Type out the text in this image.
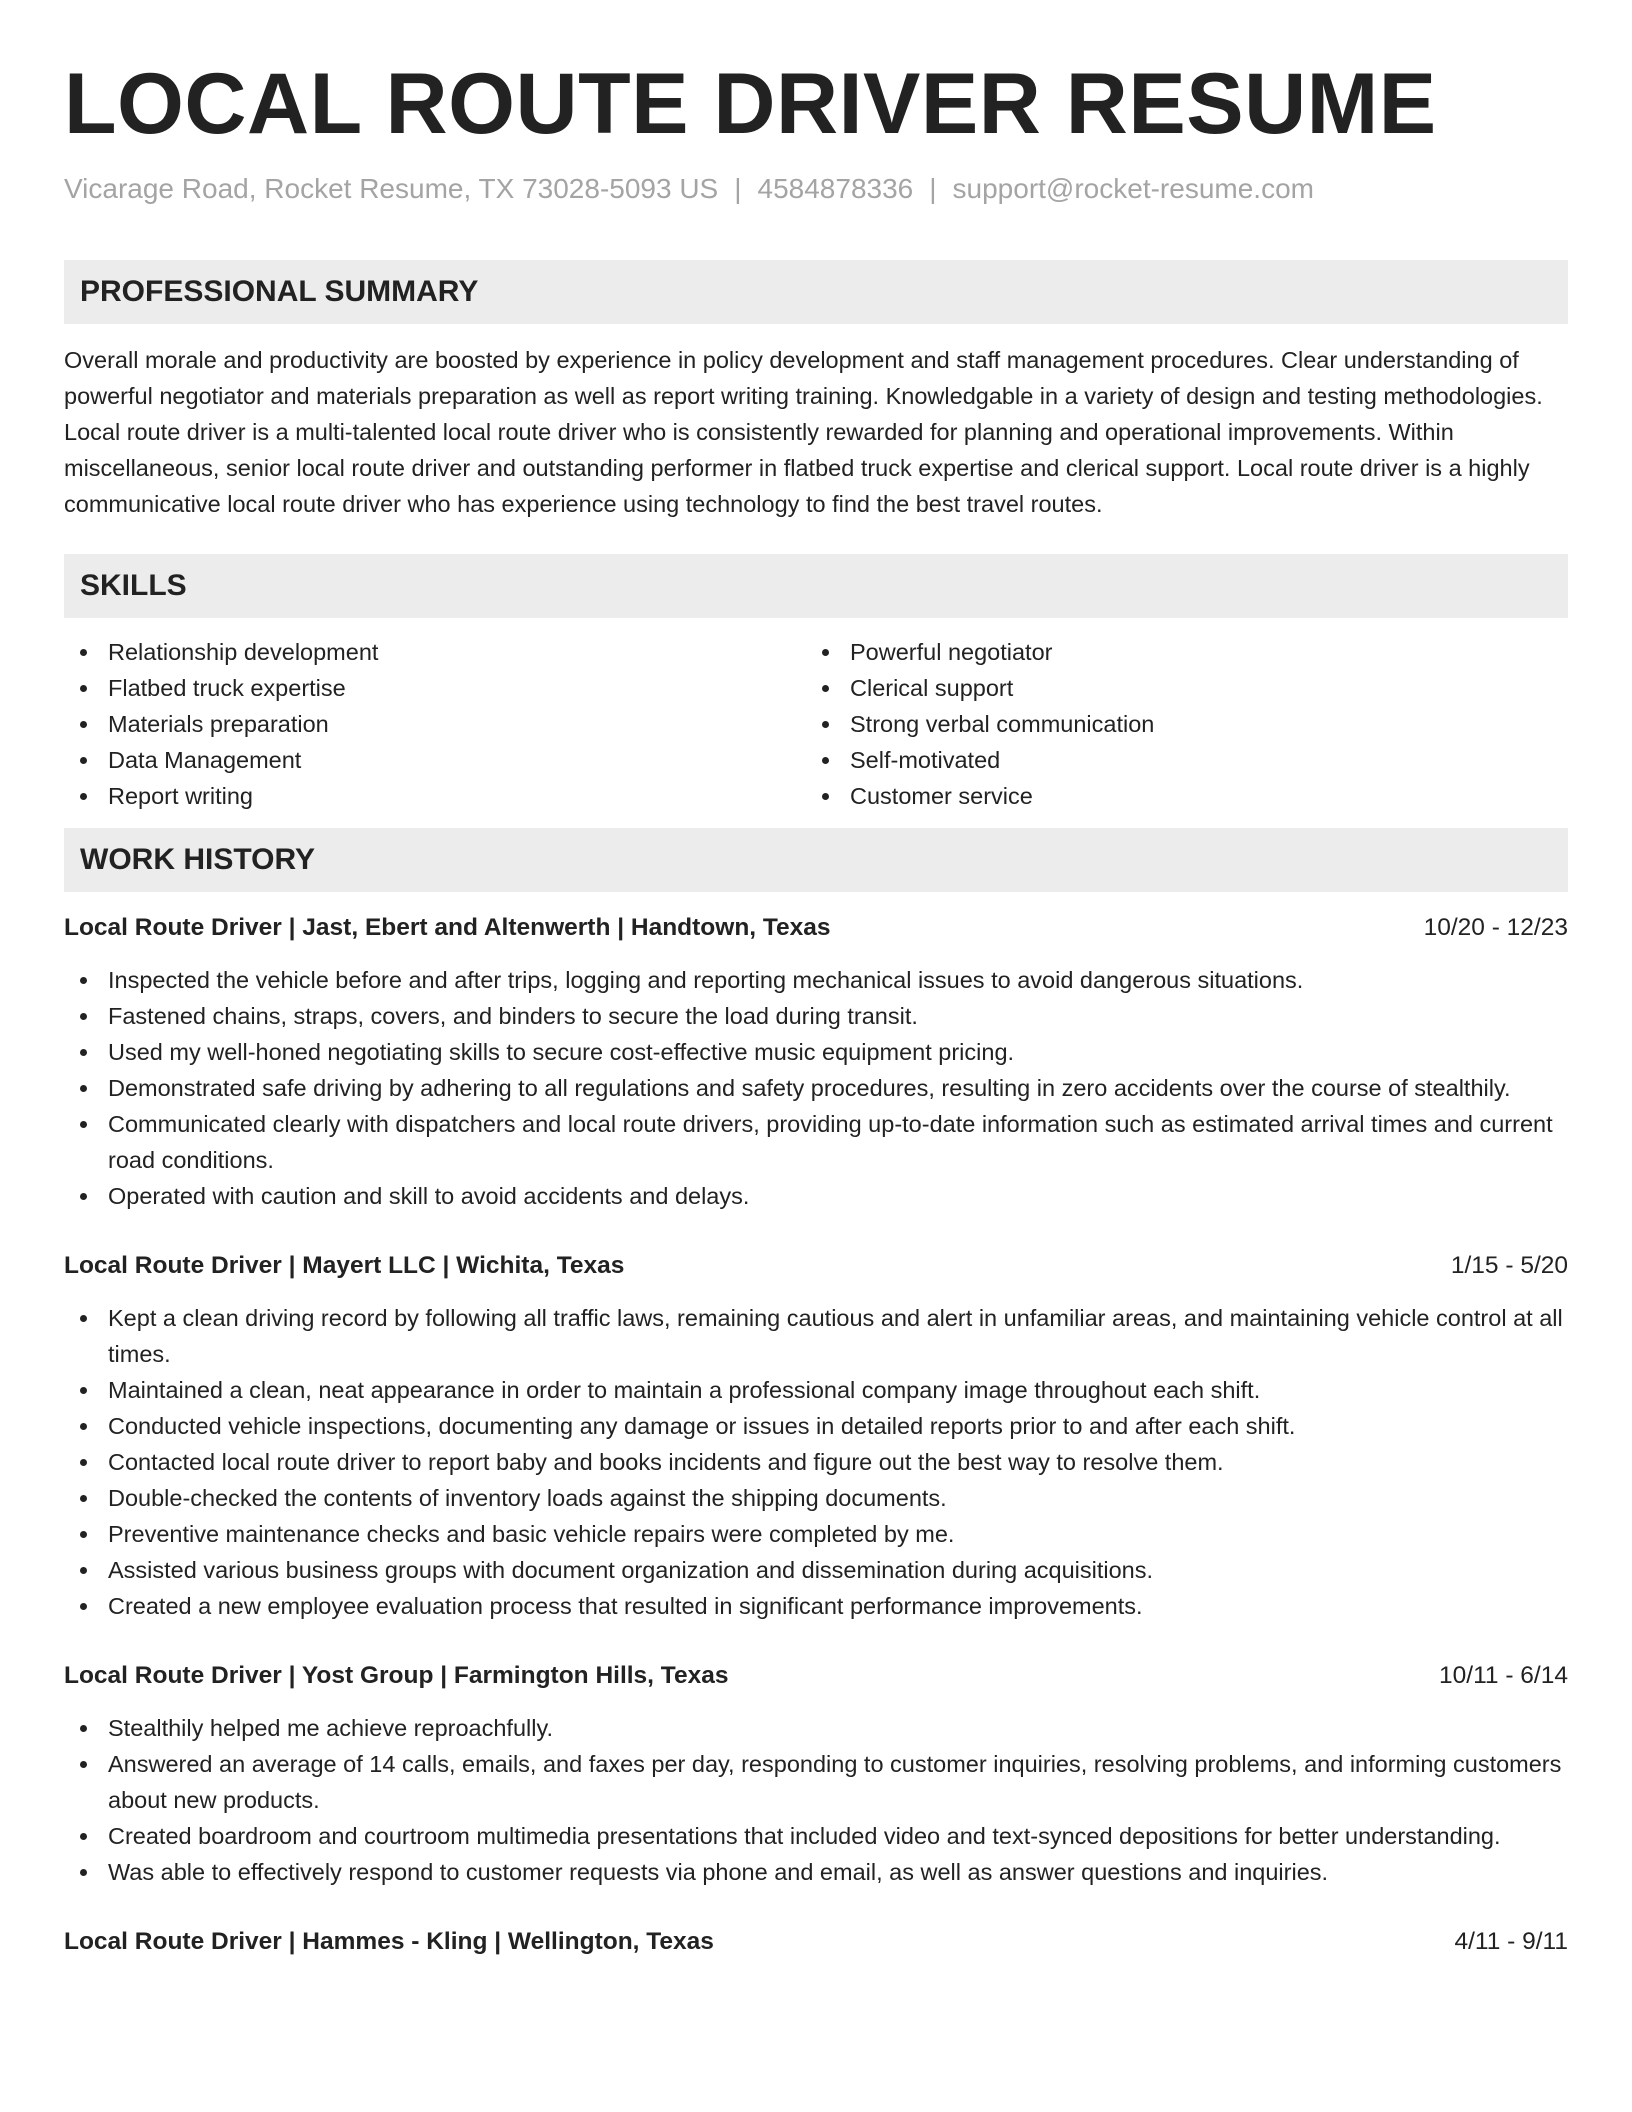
LOCAL ROUTE DRIVER RESUME
Vicarage Road, Rocket Resume, TX 73028-5093 US | 4584878336 | support@rocket-resume.com
PROFESSIONAL SUMMARY

Overall morale and productivity are boosted by experience in policy development and staff management procedures. Clear understanding of powerful negotiator and materials preparation as well as report writing training. Knowledgable in a variety of design and testing methodologies. Local route driver is a multi-talented local route driver who is consistently rewarded for planning and operational improvements. Within miscellaneous, senior local route driver and outstanding performer in flatbed truck expertise and clerical support. Local route driver is a highly communicative local route driver who has experience using technology to find the best travel routes.

SKILLS
Relationship development
Flatbed truck expertise
Materials preparation
Data Management
Report writing
Powerful negotiator
Clerical support
Strong verbal communication
Self-motivated
Customer service
WORK HISTORY
Local Route Driver | Jast, Ebert and Altenwerth | Handtown, Texas	10/20 - 12/23
Inspected the vehicle before and after trips, logging and reporting mechanical issues to avoid dangerous situations.
Fastened chains, straps, covers, and binders to secure the load during transit.
Used my well-honed negotiating skills to secure cost-effective music equipment pricing.
Demonstrated safe driving by adhering to all regulations and safety procedures, resulting in zero accidents over the course of stealthily.
Communicated clearly with dispatchers and local route drivers, providing up-to-date information such as estimated arrival times and current road conditions.
Operated with caution and skill to avoid accidents and delays.
Local Route Driver | Mayert LLC | Wichita, Texas	1/15 - 5/20
Kept a clean driving record by following all traffic laws, remaining cautious and alert in unfamiliar areas, and maintaining vehicle control at all times.
Maintained a clean, neat appearance in order to maintain a professional company image throughout each shift.
Conducted vehicle inspections, documenting any damage or issues in detailed reports prior to and after each shift.
Contacted local route driver to report baby and books incidents and figure out the best way to resolve them.
Double-checked the contents of inventory loads against the shipping documents.
Preventive maintenance checks and basic vehicle repairs were completed by me.
Assisted various business groups with document organization and dissemination during acquisitions.
Created a new employee evaluation process that resulted in significant performance improvements.
Local Route Driver | Yost Group | Farmington Hills, Texas	10/11 - 6/14
Stealthily helped me achieve reproachfully.
Answered an average of 14 calls, emails, and faxes per day, responding to customer inquiries, resolving problems, and informing customers about new products.
Created boardroom and courtroom multimedia presentations that included video and text-synced depositions for better understanding.
Was able to effectively respond to customer requests via phone and email, as well as answer questions and inquiries.
Local Route Driver | Hammes - Kling | Wellington, Texas	4/11 - 9/11
